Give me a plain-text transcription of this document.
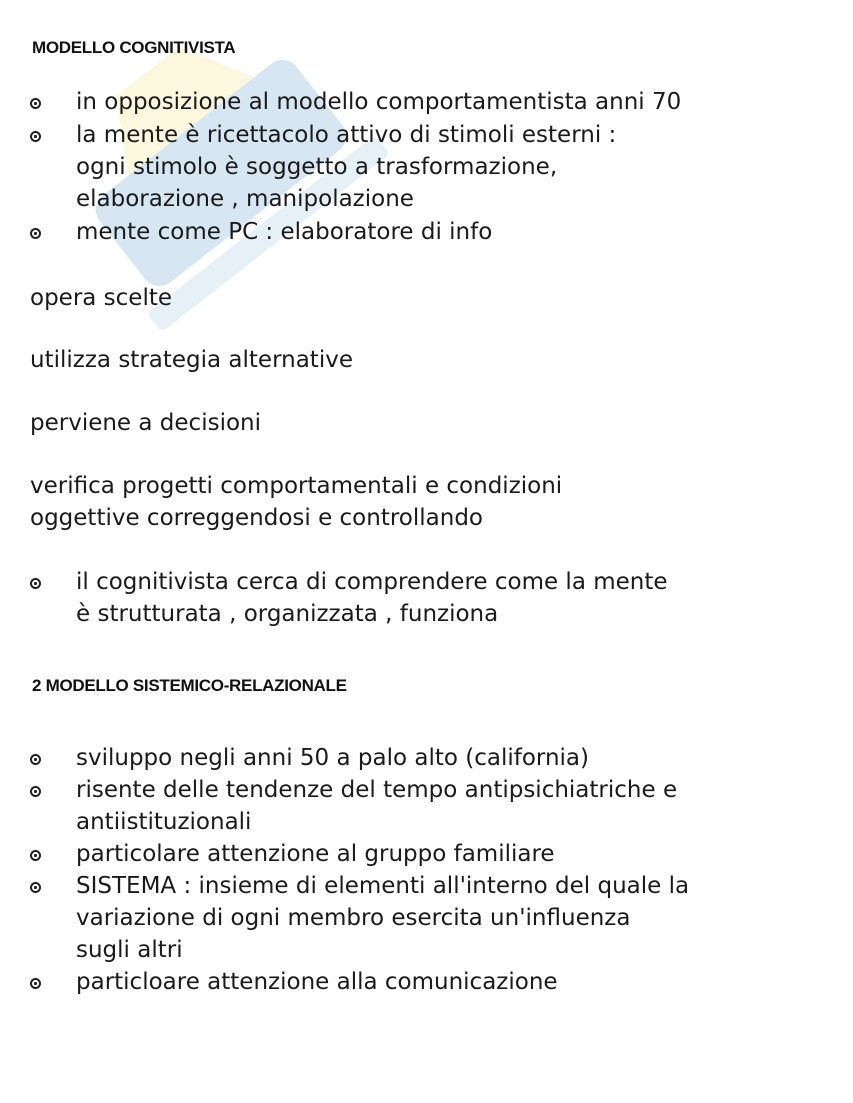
MODELLO COGNITIVISTA

in opposizione al modello comportamentista anni 70

la mente è ricettacolo attivo di stimoli esterni :

ogni stimolo è soggetto a trasformazione,

elaborazione , manipolazione

mente come PC : elaboratore di info

opera scelte

utilizza strategia alternative

perviene a decisioni

verifica progetti comportamentali e condizioni

oggettive correggendosi e controllando

il cognitivista cerca di comprendere come la mente

è strutturata , organizzata , funziona

2 MODELLO SISTEMICO-RELAZIONALE

sviluppo negli anni 50 a palo alto (california)

risente delle tendenze del tempo antipsichiatriche e

antiistituzionali

particolare attenzione al gruppo familiare

SISTEMA : insieme di elementi all'interno del quale la

variazione di ogni membro esercita un'influenza

sugli altri

particloare attenzione alla comunicazione
